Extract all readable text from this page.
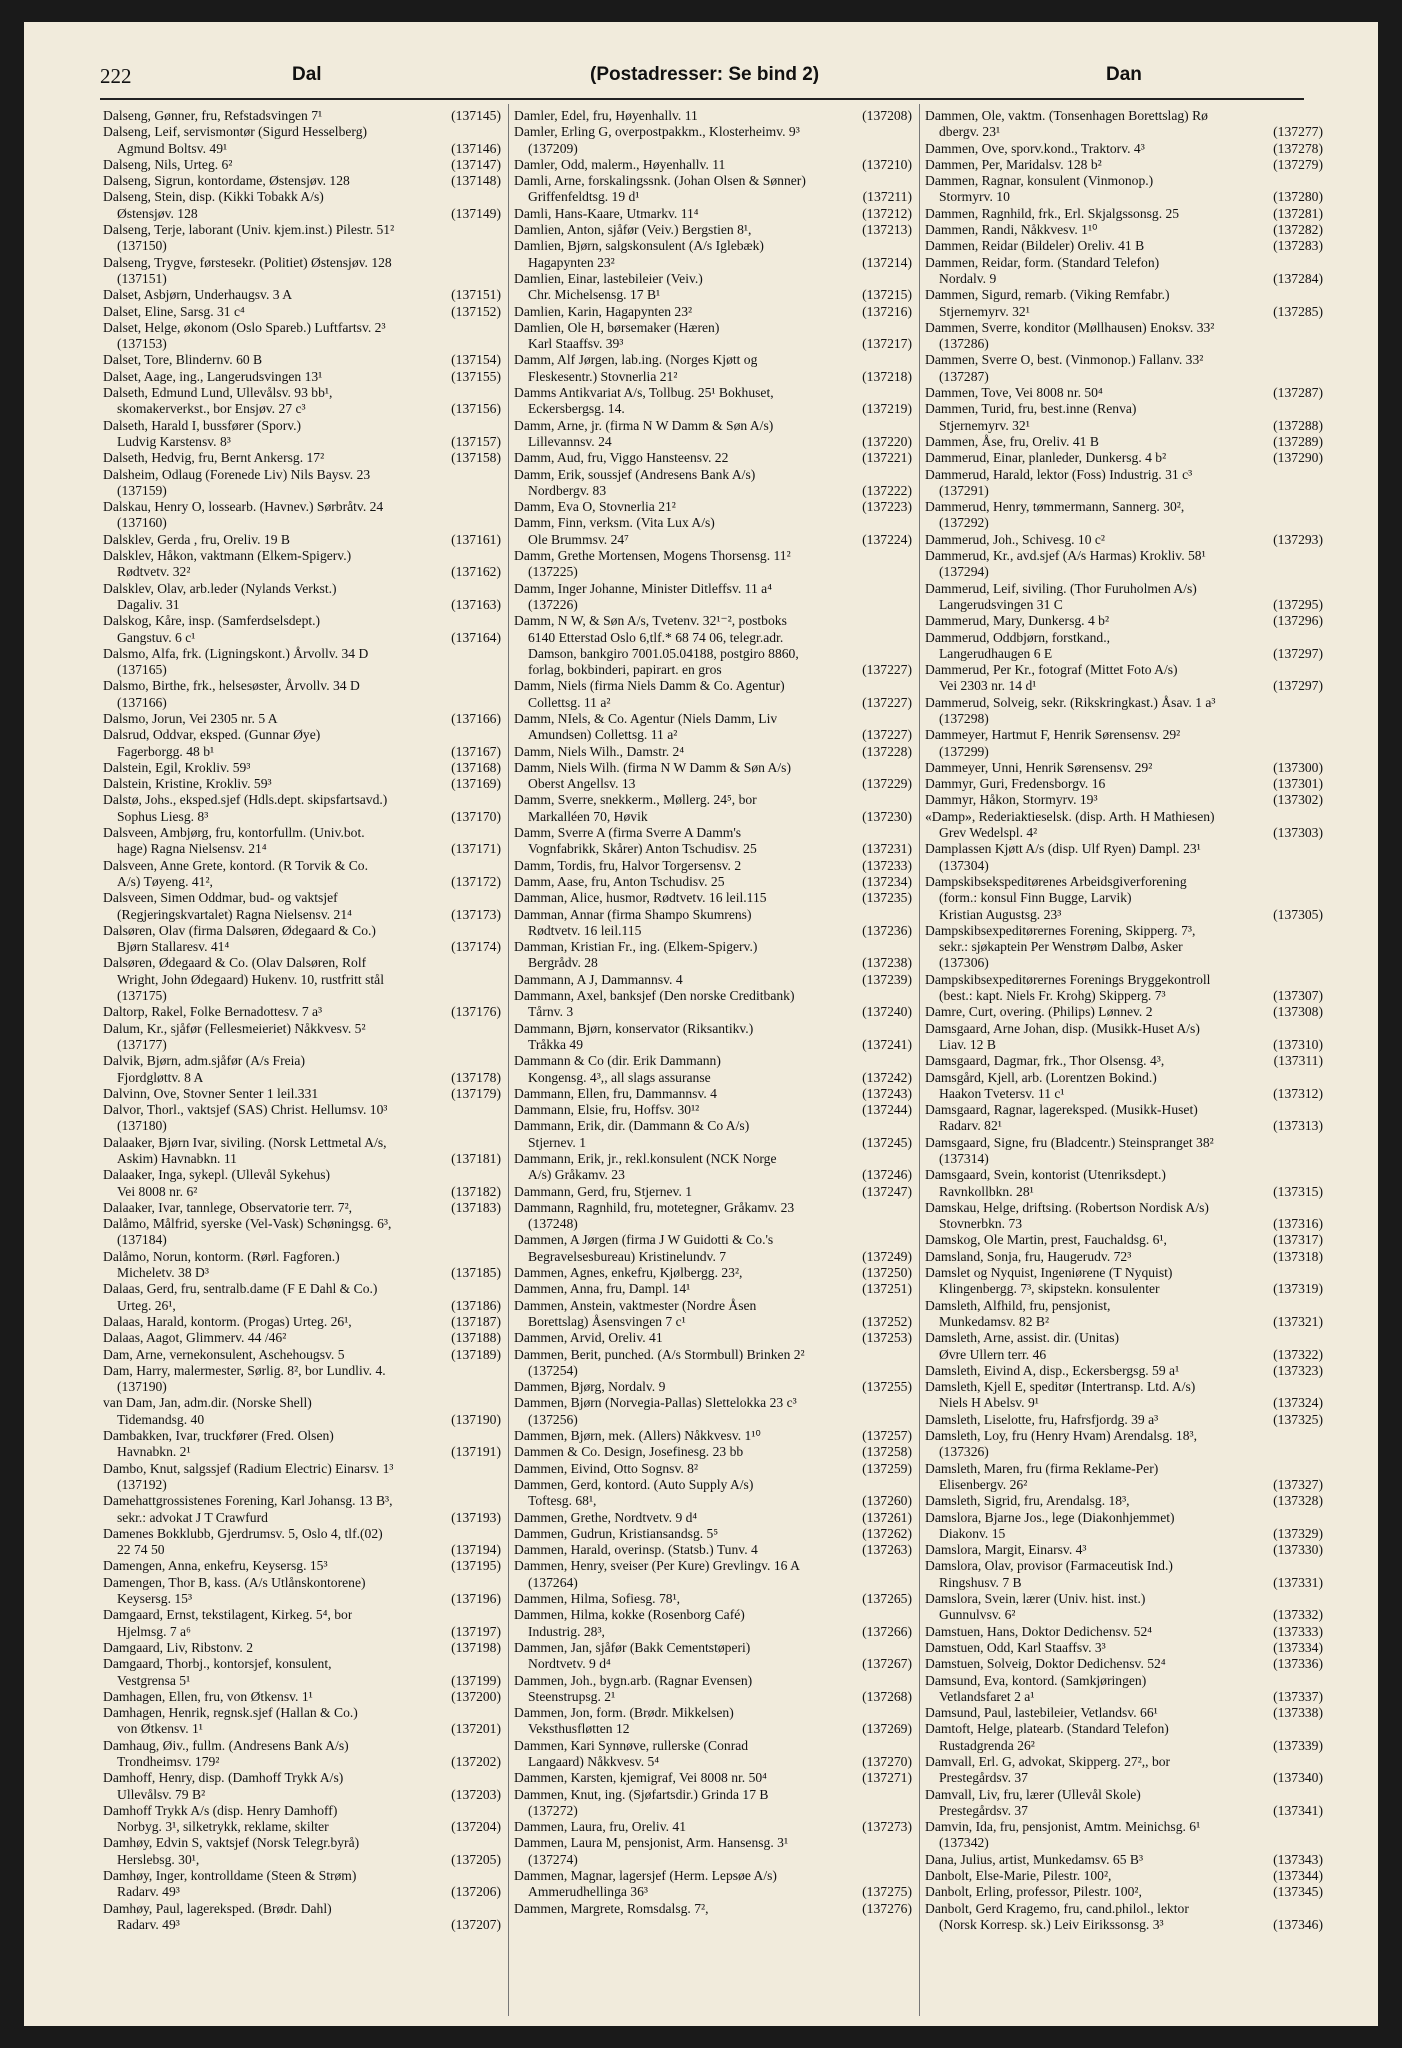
222	Dal	(Postadresser: Se bind 2)	Dan
Dalseng, Gønner, fru, Refstadsvingen 7¹	(137145)
Dalseng, Leif, servismontør (Sigurd Hesselberg)
Agmund Boltsv. 49¹	(137146)
Dalseng, Nils, Urteg. 6²	(137147)
Dalseng, Sigrun, kontordame, Østensjøv. 128	(137148)
Dalseng, Stein, disp. (Kikki Tobakk A/s)
Østensjøv. 128	(137149)
Dalseng, Terje, laborant (Univ. kjem.inst.) Pilestr. 51²
(137150)
Dalseng, Trygve, førstesekr. (Politiet) Østensjøv. 128
(137151)
Dalset, Asbjørn, Underhaugsv. 3 A	(137151)
Dalset, Eline, Sarsg. 31 c⁴	(137152)
Dalset, Helge, økonom (Oslo Spareb.) Luftfartsv. 2³
(137153)
Dalset, Tore, Blindernv. 60 B	(137154)
Dalset, Aage, ing., Langerudsvingen 13¹	(137155)
Dalseth, Edmund Lund, Ullevålsv. 93 bb¹,
skomakerverkst., bor Ensjøv. 27 c³	(137156)
Dalseth, Harald I, bussfører (Sporv.)
Ludvig Karstensv. 8³	(137157)
Dalseth, Hedvig, fru, Bernt Ankersg. 17²	(137158)
Dalsheim, Odlaug (Forenede Liv) Nils Baysv. 23
(137159)
Dalskau, Henry O, lossearb. (Havnev.) Sørbråtv. 24
(137160)
Dalsklev, Gerda , fru, Oreliv. 19 B	(137161)
Dalsklev, Håkon, vaktmann (Elkem-Spigerv.)
Rødtvetv. 32²	(137162)
Dalsklev, Olav, arb.leder (Nylands Verkst.)
Dagaliv. 31	(137163)
Dalskog, Kåre, insp. (Samferdselsdept.)
Gangstuv. 6 c¹	(137164)
Dalsmo, Alfa, frk. (Ligningskont.) Årvollv. 34 D
(137165)
Dalsmo, Birthe, frk., helsesøster, Årvollv. 34 D
(137166)
Dalsmo, Jorun, Vei 2305 nr. 5 A	(137166)
Dalsrud, Oddvar, eksped. (Gunnar Øye)
Fagerborgg. 48 b¹	(137167)
Dalstein, Egil, Krokliv. 59³	(137168)
Dalstein, Kristine, Krokliv. 59³	(137169)
Dalstø, Johs., eksped.sjef (Hdls.dept. skipsfartsavd.)
Sophus Liesg. 8³	(137170)
Dalsveen, Ambjørg, fru, kontorfullm. (Univ.bot.
hage) Ragna Nielsensv. 21⁴	(137171)
Dalsveen, Anne Grete, kontord. (R Torvik & Co.
A/s) Tøyeng. 41²,	(137172)
Dalsveen, Simen Oddmar, bud- og vaktsjef
(Regjeringskvartalet) Ragna Nielsensv. 21⁴	(137173)
Dalsøren, Olav (firma Dalsøren, Ødegaard & Co.)
Bjørn Stallaresv. 41⁴	(137174)
Dalsøren, Ødegaard & Co. (Olav Dalsøren, Rolf
Wright, John Ødegaard) Hukenv. 10, rustfritt stål
(137175)
Daltorp, Rakel, Folke Bernadottesv. 7 a³	(137176)
Dalum, Kr., sjåfør (Fellesmeieriet) Nåkkvesv. 5²
(137177)
Dalvik, Bjørn, adm.sjåfør (A/s Freia)
Fjordgløttv. 8 A	(137178)
Dalvinn, Ove, Stovner Senter 1 leil.331	(137179)
Dalvor, Thorl., vaktsjef (SAS) Christ. Hellumsv. 10³
(137180)
Dalaaker, Bjørn Ivar, siviling. (Norsk Lettmetal A/s,
Askim) Havnabkn. 11	(137181)
Dalaaker, Inga, sykepl. (Ullevål Sykehus)
Vei 8008 nr. 6²	(137182)
Dalaaker, Ivar, tannlege, Observatorie terr. 7²,	(137183)
Dalåmo, Målfrid, syerske (Vel-Vask) Schøningsg. 6³,
(137184)
Dalåmo, Norun, kontorm. (Rørl. Fagforen.)
Micheletv. 38 D³	(137185)
Dalaas, Gerd, fru, sentralb.dame (F E Dahl & Co.)
Urteg. 26¹,	(137186)
Dalaas, Harald, kontorm. (Progas) Urteg. 26¹,	(137187)
Dalaas, Aagot, Glimmerv. 44 /46²	(137188)
Dam, Arne, vernekonsulent, Aschehougsv. 5	(137189)
Dam, Harry, malermester, Sørlig. 8², bor Lundliv. 4.
(137190)
van Dam, Jan, adm.dir. (Norske Shell)
Tidemandsg. 40	(137190)
Dambakken, Ivar, truckfører (Fred. Olsen)
Havnabkn. 2¹	(137191)
Dambo, Knut, salgssjef (Radium Electric) Einarsv. 1³
(137192)
Damehattgrossistenes Forening, Karl Johansg. 13 B³,
sekr.: advokat J T Crawfurd	(137193)
Damenes Bokklubb, Gjerdrumsv. 5, Oslo 4, tlf.(02)
22 74 50	(137194)
Damengen, Anna, enkefru, Keysersg. 15³	(137195)
Damengen, Thor B, kass. (A/s Utlånskontorene)
Keysersg. 15³	(137196)
Damgaard, Ernst, tekstilagent, Kirkeg. 5⁴, bor
Hjelmsg. 7 a⁶	(137197)
Damgaard, Liv, Ribstonv. 2	(137198)
Damgaard, Thorbj., kontorsjef, konsulent,
Vestgrensa 5¹	(137199)
Damhagen, Ellen, fru, von Øtkensv. 1¹	(137200)
Damhagen, Henrik, regnsk.sjef (Hallan & Co.)
von Øtkensv. 1¹	(137201)
Damhaug, Øiv., fullm. (Andresens Bank A/s)
Trondheimsv. 179²	(137202)
Damhoff, Henry, disp. (Damhoff Trykk A/s)
Ullevålsv. 79 B²	(137203)
Damhoff Trykk A/s (disp. Henry Damhoff)
Norbyg. 3¹, silketrykk, reklame, skilter	(137204)
Damhøy, Edvin S, vaktsjef (Norsk Telegr.byrå)
Herslebsg. 30¹,	(137205)
Damhøy, Inger, kontrolldame (Steen & Strøm)
Radarv. 49³	(137206)
Damhøy, Paul, lagereksped. (Brødr. Dahl)
Radarv. 49³	(137207)
Damler, Edel, fru, Høyenhallv. 11	(137208)
Damler, Erling G, overpostpakkm., Klosterheimv. 9³
(137209)
Damler, Odd, malerm., Høyenhallv. 11	(137210)
Damli, Arne, forskalingssnk. (Johan Olsen & Sønner)
Griffenfeldtsg. 19 d¹	(137211)
Damli, Hans-Kaare, Utmarkv. 11⁴	(137212)
Damlien, Anton, sjåfør (Veiv.) Bergstien 8¹,	(137213)
Damlien, Bjørn, salgskonsulent (A/s Iglebæk)
Hagapynten 23²	(137214)
Damlien, Einar, lastebileier (Veiv.)
Chr. Michelsensg. 17 B¹	(137215)
Damlien, Karin, Hagapynten 23²	(137216)
Damlien, Ole H, børsemaker (Hæren)
Karl Staaffsv. 39³	(137217)
Damm, Alf Jørgen, lab.ing. (Norges Kjøtt og
Fleskesentr.) Stovnerlia 21²	(137218)
Damms Antikvariat A/s, Tollbug. 25¹ Bokhuset,
Eckersbergsg. 14.	(137219)
Damm, Arne, jr. (firma N W Damm & Søn A/s)
Lillevannsv. 24	(137220)
Damm, Aud, fru, Viggo Hansteensv. 22	(137221)
Damm, Erik, soussjef (Andresens Bank A/s)
Nordbergv. 83	(137222)
Damm, Eva O, Stovnerlia 21²	(137223)
Damm, Finn, verksm. (Vita Lux A/s)
Ole Brummsv. 24⁷	(137224)
Damm, Grethe Mortensen, Mogens Thorsensg. 11²
(137225)
Damm, Inger Johanne, Minister Ditleffsv. 11 a⁴
(137226)
Damm, N W, & Søn A/s, Tvetenv. 32¹⁻², postboks
6140 Etterstad Oslo 6,tlf.* 68 74 06, telegr.adr.
Damson, bankgiro 7001.05.04188, postgiro 8860,
forlag, bokbinderi, papirart. en gros	(137227)
Damm, Niels (firma Niels Damm & Co. Agentur)
Collettsg. 11 a²	(137227)
Damm, NIels, & Co. Agentur (Niels Damm, Liv
Amundsen) Collettsg. 11 a²	(137227)
Damm, Niels Wilh., Damstr. 2⁴	(137228)
Damm, Niels Wilh. (firma N W Damm & Søn A/s)
Oberst Angellsv. 13	(137229)
Damm, Sverre, snekkerm., Møllerg. 24⁵, bor
Markalléen 70, Høvik	(137230)
Damm, Sverre A (firma Sverre A Damm's
Vognfabrikk, Skårer) Anton Tschudisv. 25	(137231)
Damm, Tordis, fru, Halvor Torgersensv. 2	(137233)
Damm, Aase, fru, Anton Tschudisv. 25	(137234)
Damman, Alice, husmor, Rødtvetv. 16 leil.115	(137235)
Damman, Annar (firma Shampo Skumrens)
Rødtvetv. 16 leil.115	(137236)
Damman, Kristian Fr., ing. (Elkem-Spigerv.)
Bergrådv. 28	(137238)
Dammann, A J, Dammannsv. 4	(137239)
Dammann, Axel, banksjef (Den norske Creditbank)
Tårnv. 3	(137240)
Dammann, Bjørn, konservator (Riksantikv.)
Tråkka 49	(137241)
Dammann & Co (dir. Erik Dammann)
Kongensg. 4³,, all slags assuranse	(137242)
Dammann, Ellen, fru, Dammannsv. 4	(137243)
Dammann, Elsie, fru, Hoffsv. 30¹²	(137244)
Dammann, Erik, dir. (Dammann & Co A/s)
Stjernev. 1	(137245)
Dammann, Erik, jr., rekl.konsulent (NCK Norge
A/s) Gråkamv. 23	(137246)
Dammann, Gerd, fru, Stjernev. 1	(137247)
Dammann, Ragnhild, fru, motetegner, Gråkamv. 23
(137248)
Dammen, A Jørgen (firma J W Guidotti & Co.'s
Begravelsesbureau) Kristinelundv. 7	(137249)
Dammen, Agnes, enkefru, Kjølbergg. 23²,	(137250)
Dammen, Anna, fru, Dampl. 14¹	(137251)
Dammen, Anstein, vaktmester (Nordre Åsen
Borettslag) Åsensvingen 7 c¹	(137252)
Dammen, Arvid, Oreliv. 41	(137253)
Dammen, Berit, punched. (A/s Stormbull) Brinken 2²
(137254)
Dammen, Bjørg, Nordalv. 9	(137255)
Dammen, Bjørn (Norvegia-Pallas) Slettelokka 23 c³
(137256)
Dammen, Bjørn, mek. (Allers) Nåkkvesv. 1¹⁰	(137257)
Dammen & Co. Design, Josefinesg. 23 bb	(137258)
Dammen, Eivind, Otto Sognsv. 8²	(137259)
Dammen, Gerd, kontord. (Auto Supply A/s)
Toftesg. 68¹,	(137260)
Dammen, Grethe, Nordtvetv. 9 d⁴	(137261)
Dammen, Gudrun, Kristiansandsg. 5⁵	(137262)
Dammen, Harald, overinsp. (Statsb.) Tunv. 4	(137263)
Dammen, Henry, sveiser (Per Kure) Grevlingv. 16 A
(137264)
Dammen, Hilma, Sofiesg. 78¹,	(137265)
Dammen, Hilma, kokke (Rosenborg Café)
Industrig. 28³,	(137266)
Dammen, Jan, sjåfør (Bakk Cementstøperi)
Nordtvetv. 9 d⁴	(137267)
Dammen, Joh., bygn.arb. (Ragnar Evensen)
Steenstrupsg. 2¹	(137268)
Dammen, Jon, form. (Brødr. Mikkelsen)
Veksthusfløtten 12	(137269)
Dammen, Kari Synnøve, rullerske (Conrad
Langaard) Nåkkvesv. 5⁴	(137270)
Dammen, Karsten, kjemigraf, Vei 8008 nr. 50⁴	(137271)
Dammen, Knut, ing. (Sjøfartsdir.) Grinda 17 B
(137272)
Dammen, Laura, fru, Oreliv. 41	(137273)
Dammen, Laura M, pensjonist, Arm. Hansensg. 3¹
(137274)
Dammen, Magnar, lagersjef (Herm. Lepsøe A/s)
Ammerudhellinga 36³	(137275)
Dammen, Margrete, Romsdalsg. 7²,	(137276)
Dammen, Ole, vaktm. (Tonsenhagen Borettslag) Rø
dbergv. 23¹	(137277)
Dammen, Ove, sporv.kond., Traktorv. 4³	(137278)
Dammen, Per, Maridalsv. 128 b²	(137279)
Dammen, Ragnar, konsulent (Vinmonop.)
Stormyrv. 10	(137280)
Dammen, Ragnhild, frk., Erl. Skjalgssonsg. 25	(137281)
Dammen, Randi, Nåkkvesv. 1¹⁰	(137282)
Dammen, Reidar (Bildeler) Oreliv. 41 B	(137283)
Dammen, Reidar, form. (Standard Telefon)
Nordalv. 9	(137284)
Dammen, Sigurd, remarb. (Viking Remfabr.)
Stjernemyrv. 32¹	(137285)
Dammen, Sverre, konditor (Møllhausen) Enoksv. 33²
(137286)
Dammen, Sverre O, best. (Vinmonop.) Fallanv. 33²
(137287)
Dammen, Tove, Vei 8008 nr. 50⁴	(137287)
Dammen, Turid, fru, best.inne (Renva)
Stjernemyrv. 32¹	(137288)
Dammen, Åse, fru, Oreliv. 41 B	(137289)
Dammerud, Einar, planleder, Dunkersg. 4 b²	(137290)
Dammerud, Harald, lektor (Foss) Industrig. 31 c³
(137291)
Dammerud, Henry, tømmermann, Sannerg. 30²,
(137292)
Dammerud, Joh., Schivesg. 10 c²	(137293)
Dammerud, Kr., avd.sjef (A/s Harmas) Krokliv. 58¹
(137294)
Dammerud, Leif, siviling. (Thor Furuholmen A/s)
Langerudsvingen 31 C	(137295)
Dammerud, Mary, Dunkersg. 4 b²	(137296)
Dammerud, Oddbjørn, forstkand.,
Langerudhaugen 6 E	(137297)
Dammerud, Per Kr., fotograf (Mittet Foto A/s)
Vei 2303 nr. 14 d¹	(137297)
Dammerud, Solveig, sekr. (Rikskringkast.) Åsav. 1 a³
(137298)
Dammeyer, Hartmut F, Henrik Sørensensv. 29²
(137299)
Dammeyer, Unni, Henrik Sørensensv. 29²	(137300)
Dammyr, Guri, Fredensborgv. 16	(137301)
Dammyr, Håkon, Stormyrv. 19³	(137302)
«Damp», Rederiaktieselsk. (disp. Arth. H Mathiesen)
Grev Wedelspl. 4²	(137303)
Damplassen Kjøtt A/s (disp. Ulf Ryen) Dampl. 23¹
(137304)
Dampskibsekspeditørenes Arbeidsgiverforening
(form.: konsul Finn Bugge, Larvik)
Kristian Augustsg. 23³	(137305)
Dampskibsexpeditørernes Forening, Skipperg. 7³,
sekr.: sjøkaptein Per Wenstrøm Dalbø, Asker
(137306)
Dampskibsexpeditørernes Forenings Bryggekontroll
(best.: kapt. Niels Fr. Krohg) Skipperg. 7³	(137307)
Damre, Curt, overing. (Philips) Lønnev. 2	(137308)
Damsgaard, Arne Johan, disp. (Musikk-Huset A/s)
Liav. 12 B	(137310)
Damsgaard, Dagmar, frk., Thor Olsensg. 4³,	(137311)
Damsgård, Kjell, arb. (Lorentzen Bokind.)
Haakon Tvetersv. 11 c¹	(137312)
Damsgaard, Ragnar, lagereksped. (Musikk-Huset)
Radarv. 82¹	(137313)
Damsgaard, Signe, fru (Bladcentr.) Steinspranget 38²
(137314)
Damsgaard, Svein, kontorist (Utenriksdept.)
Ravnkollbkn. 28¹	(137315)
Damskau, Helge, driftsing. (Robertson Nordisk A/s)
Stovnerbkn. 73	(137316)
Damskog, Ole Martin, prest, Fauchaldsg. 6¹,	(137317)
Damsland, Sonja, fru, Haugerudv. 72³	(137318)
Damslet og Nyquist, Ingeniørene (T Nyquist)
Klingenbergg. 7³, skipstekn. konsulenter	(137319)
Damsleth, Alfhild, fru, pensjonist,
Munkedamsv. 82 B²	(137321)
Damsleth, Arne, assist. dir. (Unitas)
Øvre Ullern terr. 46	(137322)
Damsleth, Eivind A, disp., Eckersbergsg. 59 a¹	(137323)
Damsleth, Kjell E, speditør (Intertransp. Ltd. A/s)
Niels H Abelsv. 9¹	(137324)
Damsleth, Liselotte, fru, Hafrsfjordg. 39 a³	(137325)
Damsleth, Loy, fru (Henry Hvam) Arendalsg. 18³,
(137326)
Damsleth, Maren, fru (firma Reklame-Per)
Elisenbergv. 26²	(137327)
Damsleth, Sigrid, fru, Arendalsg. 18³,	(137328)
Damslora, Bjarne Jos., lege (Diakonhjemmet)
Diakonv. 15	(137329)
Damslora, Margit, Einarsv. 4³	(137330)
Damslora, Olav, provisor (Farmaceutisk Ind.)
Ringshusv. 7 B	(137331)
Damslora, Svein, lærer (Univ. hist. inst.)
Gunnulvsv. 6²	(137332)
Damstuen, Hans, Doktor Dedichensv. 52⁴	(137333)
Damstuen, Odd, Karl Staaffsv. 3³	(137334)
Damstuen, Solveig, Doktor Dedichensv. 52⁴	(137336)
Damsund, Eva, kontord. (Samkjøringen)
Vetlandsfaret 2 a¹	(137337)
Damsund, Paul, lastebileier, Vetlandsv. 66¹	(137338)
Damtoft, Helge, platearb. (Standard Telefon)
Rustadgrenda 26²	(137339)
Damvall, Erl. G, advokat, Skipperg. 27²,, bor
Prestegårdsv. 37	(137340)
Damvall, Liv, fru, lærer (Ullevål Skole)
Prestegårdsv. 37	(137341)
Damvin, Ida, fru, pensjonist, Amtm. Meinichsg. 6¹
(137342)
Dana, Julius, artist, Munkedamsv. 65 B³	(137343)
Danbolt, Else-Marie, Pilestr. 100²,	(137344)
Danbolt, Erling, professor, Pilestr. 100²,	(137345)
Danbolt, Gerd Kragemo, fru, cand.philol., lektor
(Norsk Korresp. sk.) Leiv Eirikssonsg. 3³	(137346)
